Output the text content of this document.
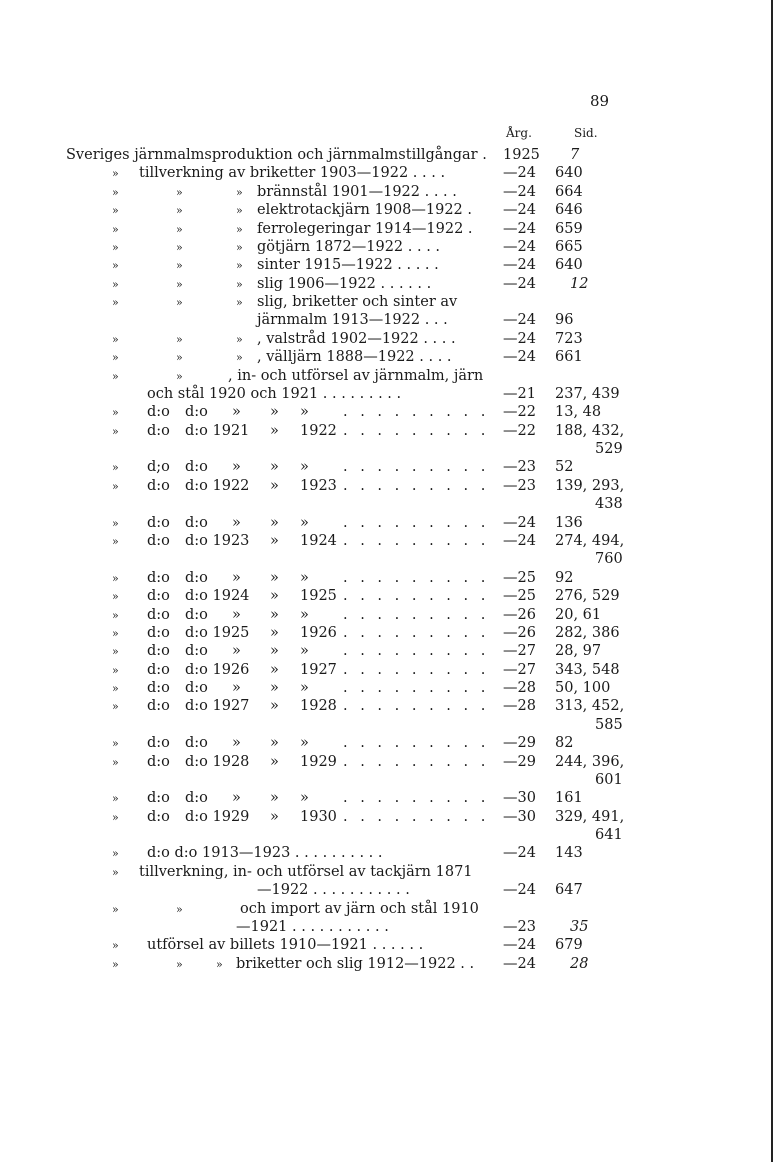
89
Årg.	Sid.
Sveriges järnmalmsproduktion och järnmalmstillgångar . 1925 7
» tillverkning av briketter 1903—1922 . . . .	—24 640
»	»	» brännstål 1901—1922 . . . .	—24 664
»	»	» elektrotackjärn 1908—1922 . —24 646
»	»	» ferrolegeringar 1914—1922 . —24 659
»	»	» götjärn 1872—1922 . . . .	—24 665
»	»	» sinter 1915—1922 . . . . .	—24 640
»	»	» slig 1906—1922 . . . . . .	—24 12
»	»	» slig, briketter och sinter av
järnmalm 1913—1922 . . .	—24 96
»	»	» , valstråd 1902—1922 . . . .	—24 723
»	»	» , välljärn 1888—1922 . . . .	—24 661
»	»	, in- och utförsel av järnmalm, järn
och stål 1920 och 1921 . . . . . . . . .	—21 237, 439
» d:o d:o » » » . . . . . . . . . —22 13, 48
» d:o d:o 1921 » 1922 . . . . . . . . . —22 188, 432,
529
» d;o d:o » » » . . . . . . . . . —23 52
» d:o d:o 1922 » 1923 . . . . . . . . . —23 139, 293,
438
» d:o d:o » » » . . . . . . . . . —24 136
» d:o d:o 1923 » 1924 . . . . . . . . . —24 274, 494,
760
» d:o d:o » » » . . . . . . . . . —25 92
» d:o d:o 1924 » 1925 . . . . . . . . . —25 276, 529
» d:o d:o » » » . . . . . . . . . —26 20, 61
» d:o d:o 1925 » 1926 . . . . . . . . . —26 282, 386
» d:o d:o » » » . . . . . . . . . —27 28, 97
» d:o d:o 1926 » 1927 . . . . . . . . . —27 343, 548
» d:o d:o » » » . . . . . . . . . —28 50, 100
» d:o d:o 1927 » 1928 . . . . . . . . . —28 313, 452,
585
» d:o d:o » » » . . . . . . . . . —29 82
» d:o d:o 1928 » 1929 . . . . . . . . . —29 244, 396,
601
» d:o d:o » » » . . . . . . . . . —30 161
» d:o d:o 1929 » 1930 . . . . . . . . . —30 329, 491,
641
» d:o d:o 1913—1923 . . . . . . . . . .	—24 143
» tillverkning, in- och utförsel av tackjärn 1871
—1922 . . . . . . . . . . .	—24 647
»	»	och import av järn och stål 1910
—1921 . . . . . . . . . . .	—23 35
» utförsel av billets 1910—1921 . . . . . .	—24 679
»	»	» briketter och slig 1912—1922 . . —24 28
